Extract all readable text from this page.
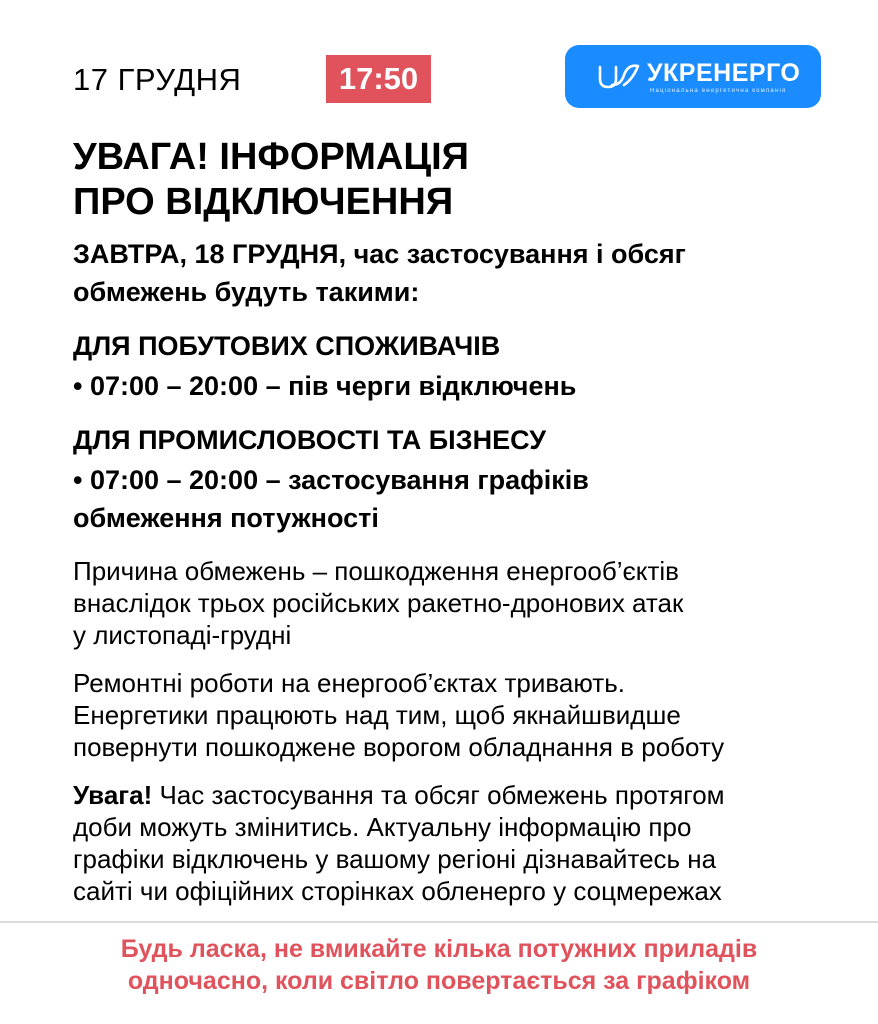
17 ГРУДНЯ	17:50	УКРЕНЕРГО
Національна енергетична компанія
УВАГА! ІНФОРМАЦІЯ
ПРО ВІДКЛЮЧЕННЯ

ЗАВТРА, 18 ГРУДНЯ, час застосування і обсяг
обмежень будуть такими:

ДЛЯ ПОБУТОВИХ СПОЖИВАЧІВ

• 07:00 – 20:00 – пів черги відключень

ДЛЯ ПРОМИСЛОВОСТІ ТА БІЗНЕСУ

• 07:00 – 20:00 – застосування графіків
обмеження потужності

Причина обмежень – пошкодження енергооб’єктів
внаслідок трьох російських ракетно-дронових атак
у листопаді-грудні

Ремонтні роботи на енергооб’єктах тривають.
Енергетики працюють над тим, щоб якнайшвидше
повернути пошкоджене ворогом обладнання в роботу

Увага! Час застосування та обсяг обмежень протягом
доби можуть змінитись. Актуальну інформацію про
графіки відключень у вашому регіоні дізнавайтесь на
сайті чи офіційних сторінках обленерго у соцмережах

Будь ласка, не вмикайте кілька потужних приладів
одночасно, коли світло повертається за графіком
